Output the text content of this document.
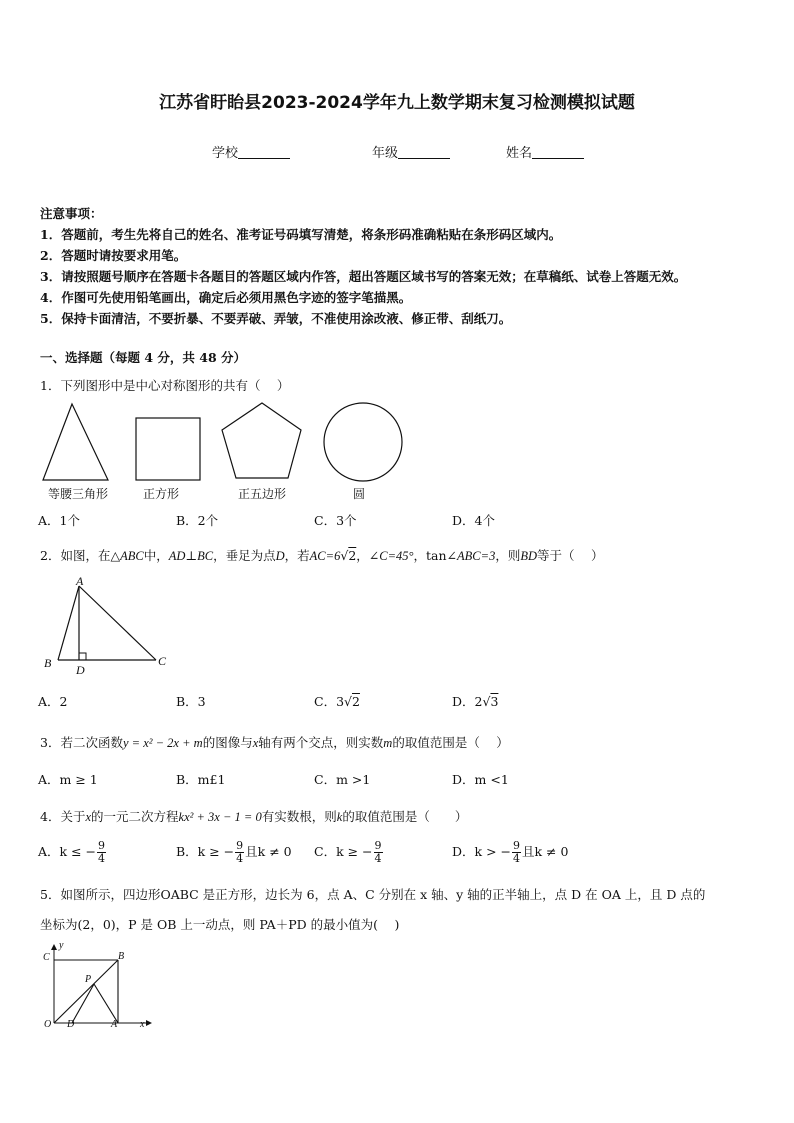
江苏省盱眙县2023-2024学年九上数学期末复习检测模拟试题
学校	年级	姓名
注意事项：
1．答题前，考生先将自己的姓名、准考证号码填写清楚，将条形码准确粘贴在条形码区域内。
2．答题时请按要求用笔。
3．请按照题号顺序在答题卡各题目的答题区域内作答，超出答题区域书写的答案无效；在草稿纸、试卷上答题无效。
4．作图可先使用铅笔画出，确定后必须用黑色字迹的签字笔描黑。
5．保持卡面清洁，不要折暴、不要弄破、弄皱，不准使用涂改液、修正带、刮纸刀。
一、选择题（每题 4 分，共 48 分）
1．下列图形中是中心对称图形的共有（　 ）
等腰三角形	正方形	正五边形	圆
A．1个	B．2个	C．3个	D．4个
2．如图，在△ABC中，AD⊥BC，垂足为点D，若AC=6√2，∠C=45°，tan∠ABC=3，则BD等于（　 ）
A
B D
C
A．2	B．3	C．3√2	D．2√3
3．若二次函数y = x² − 2x + m的图像与x轴有两个交点，则实数m的取值范围是（　 ）
A．m ≥ 1	B．m£1	C．m >1	D．m <1
4．关于x的一元二次方程kx² + 3x − 1 = 0有实数根，则k的取值范围是（　　）
A．k ≤ − $\frac{9}{4}$	B．k ≥ − $\frac{9}{4}$ 且k ≠ 0 C．k ≥ − $\frac{9}{4}$	D．k > − $\frac{9}{4}$ 且k ≠ 0
5．如图所示，四边形OABC 是正方形，边长为 6，点 A、C 分别在 x 轴、y 轴的正半轴上，点 D 在 OA 上，且 D 点的
坐标为(2，0)，P 是 OB 上一动点，则 PA＋PD 的最小值为(　 )
y
C	B
P
O D	A x
